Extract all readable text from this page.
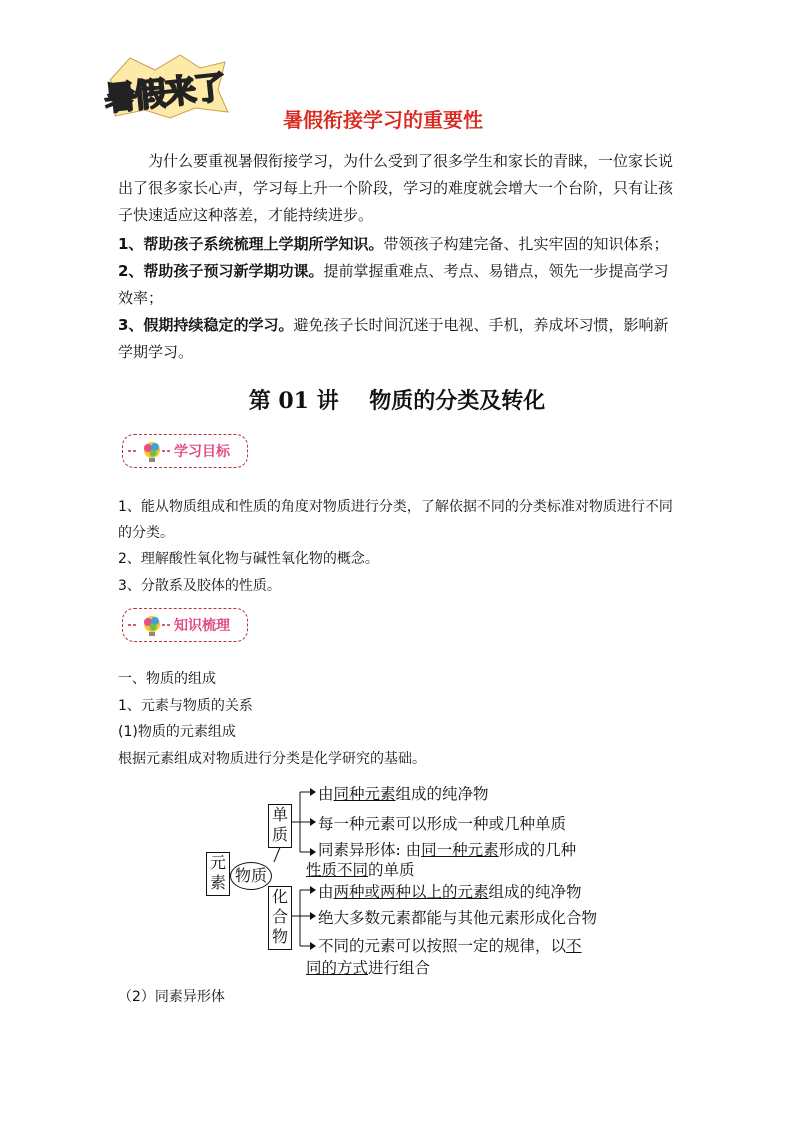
暑假来了
暑假衔接学习的重要性
为什么要重视暑假衔接学习，为什么受到了很多学生和家长的青睐，一位家长说出了很多家长心声，学习每上升一个阶段，学习的难度就会增大一个台阶，只有让孩子快速适应这种落差，才能持续进步。
1、帮助孩子系统梳理上学期所学知识。带领孩子构建完备、扎实牢固的知识体系；
2、帮助孩子预习新学期功课。提前掌握重难点、考点、易错点，领先一步提高学习效率；
3、假期持续稳定的学习。避免孩子长时间沉迷于电视、手机，养成坏习惯，影响新学期学习。
第 01 讲    物质的分类及转化
学习目标
1、能从物质组成和性质的角度对物质进行分类，了解依据不同的分类标准对物质进行不同的分类。
2、理解酸性氧化物与碱性氧化物的概念。
3、分散系及胶体的性质。
知识梳理
一、物质的组成
1、元素与物质的关系
(1)物质的元素组成
根据元素组成对物质进行分类是化学研究的基础。
元素 物质
单质
化合物
由同种元素组成的纯净物
每一种元素可以形成一种或几种单质
同素异形体: 由同一种元素形成的几种
性质不同的单质
由两种或两种以上的元素组成的纯净物
绝大多数元素都能与其他元素形成化合物
不同的元素可以按照一定的规律，以不
同的方式进行组合
（2）同素异形体
